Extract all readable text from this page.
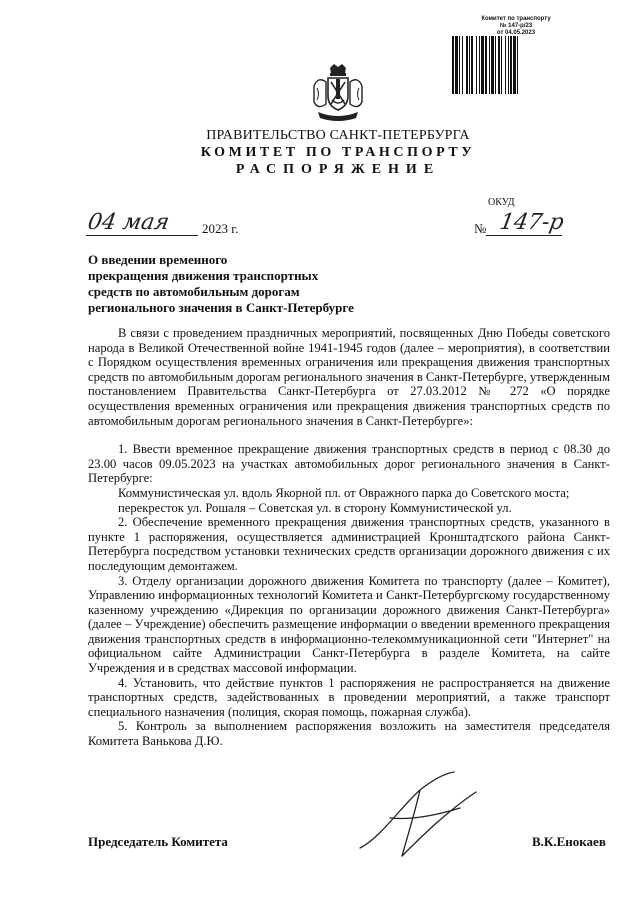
Комитет по транспорту
№ 147-р/23
от 04.05.2023
ПРАВИТЕЛЬСТВО САНКТ-ПЕТЕРБУРГА
КОМИТЕТ ПО ТРАНСПОРТУ
РАСПОРЯЖЕНИЕ
ОКУД
04 мая 2023 г.	№ 147-р
О введении временного
прекращения движения транспортных
средств по автомобильным дорогам
регионального значения в Санкт-Петербурге

В связи с проведением праздничных мероприятий, посвященных Дню Победы советского народа в Великой Отечественной войне 1941-1945 годов (далее – мероприятия), в соответствии с Порядком осуществления временных ограничения или прекращения движения транспортных средств по автомобильным дорогам регионального значения в Санкт-Петербурге, утвержденным постановлением Правительства Санкт-Петербурга от 27.03.2012 № 272 «О порядке осуществления временных ограничения или прекращения движения транспортных средств по автомобильным дорогам регионального значения в Санкт-Петербурге»:

1. Ввести временное прекращение движения транспортных средств в период с 08.30 до 23.00 часов 09.05.2023 на участках автомобильных дорог регионального значения в Санкт-Петербурге:

Коммунистическая ул. вдоль Якорной пл. от Овражного парка до Советского моста;

перекресток ул. Рошаля – Советская ул. в сторону Коммунистической ул.

2. Обеспечение временного прекращения движения транспортных средств, указанного в пункте 1 распоряжения, осуществляется администрацией Кронштадтского района Санкт-Петербурга посредством установки технических средств организации дорожного движения с их последующим демонтажем.

3. Отделу организации дорожного движения Комитета по транспорту (далее – Комитет), Управлению информационных технологий Комитета и Санкт-Петербургскому государственному казенному учреждению «Дирекция по организации дорожного движения Санкт-Петербурга» (далее – Учреждение) обеспечить размещение информации о введении временного прекращения движения транспортных средств в информационно-телекоммуникационной сети "Интернет" на официальном сайте Администрации Санкт-Петербурга в разделе Комитета, на сайте Учреждения и в средствах массовой информации.

4. Установить, что действие пунктов 1 распоряжения не распространяется на движение транспортных средств, задействованных в проведении мероприятий, а также транспорт специального назначения (полиция, скорая помощь, пожарная служба).

5. Контроль за выполнением распоряжения возложить на заместителя председателя Комитета Ванькова Д.Ю.

Председатель Комитета	В.К.Енокаев
